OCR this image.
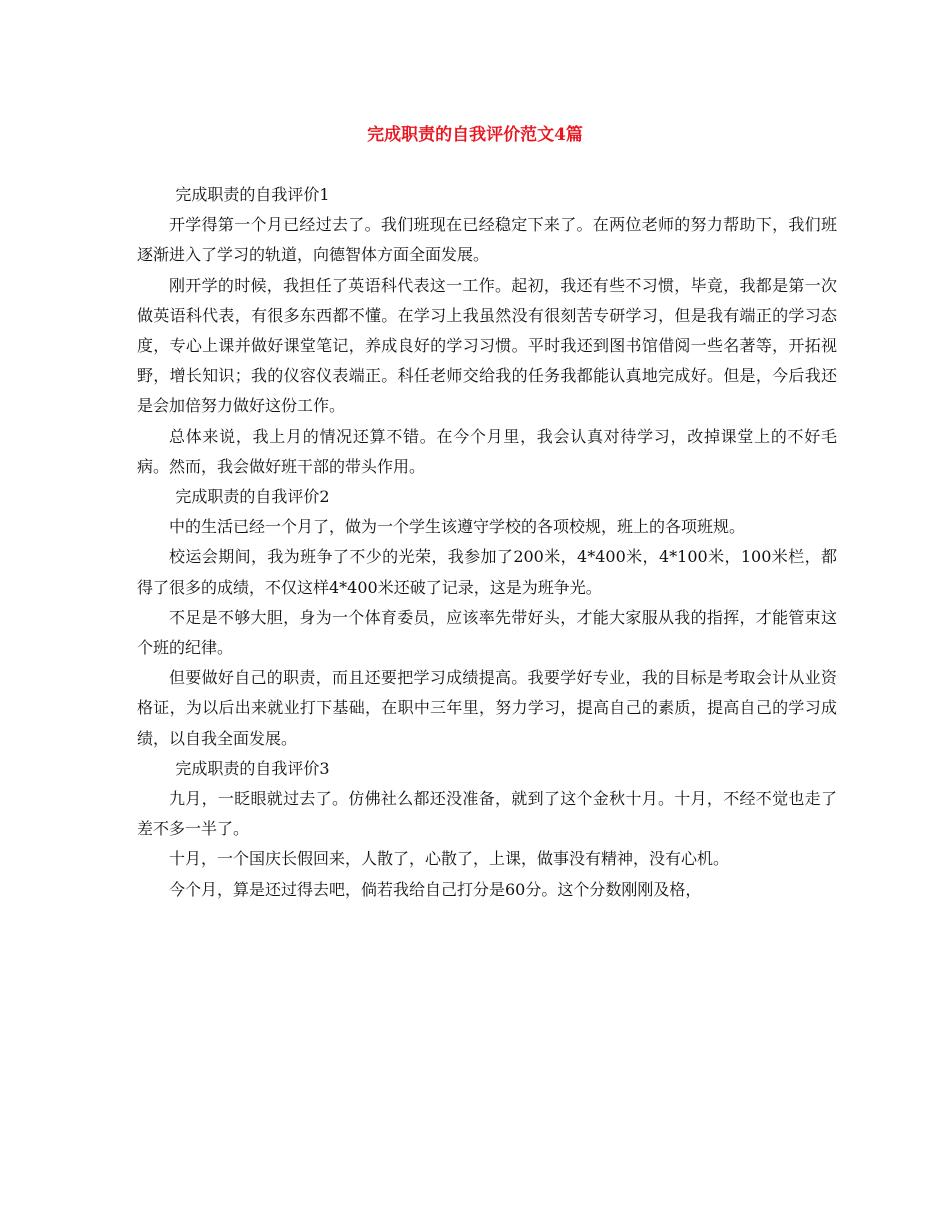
完成职责的自我评价范文4篇

完成职责的自我评价1

开学得第一个月已经过去了。我们班现在已经稳定下来了。在两位老师的努力帮助下，我们班逐渐进入了学习的轨道，向德智体方面全面发展。

刚开学的时候，我担任了英语科代表这一工作。起初，我还有些不习惯，毕竟，我都是第一次做英语科代表，有很多东西都不懂。在学习上我虽然没有很刻苦专研学习，但是我有端正的学习态度，专心上课并做好课堂笔记，养成良好的学习习惯。平时我还到图书馆借阅一些名著等，开拓视野，增长知识；我的仪容仪表端正。科任老师交给我的任务我都能认真地完成好。但是，今后我还是会加倍努力做好这份工作。

总体来说，我上月的情况还算不错。在今个月里，我会认真对待学习，改掉课堂上的不好毛病。然而，我会做好班干部的带头作用。

完成职责的自我评价2

中的生活已经一个月了，做为一个学生该遵守学校的各项校规，班上的各项班规。

校运会期间，我为班争了不少的光荣，我参加了200米，4*400米，4*100米，100米栏，都得了很多的成绩，不仅这样4*400米还破了记录，这是为班争光。

不足是不够大胆，身为一个体育委员，应该率先带好头，才能大家服从我的指挥，才能管束这个班的纪律。

但要做好自己的职责，而且还要把学习成绩提高。我要学好专业，我的目标是考取会计从业资格证，为以后出来就业打下基础，在职中三年里，努力学习，提高自己的素质，提高自己的学习成绩，以自我全面发展。

完成职责的自我评价3

九月，一眨眼就过去了。仿佛社么都还没准备，就到了这个金秋十月。十月，不经不觉也走了差不多一半了。

十月，一个国庆长假回来，人散了，心散了，上课，做事没有精神，没有心机。

今个月，算是还过得去吧，倘若我给自己打分是60分。这个分数刚刚及格，
